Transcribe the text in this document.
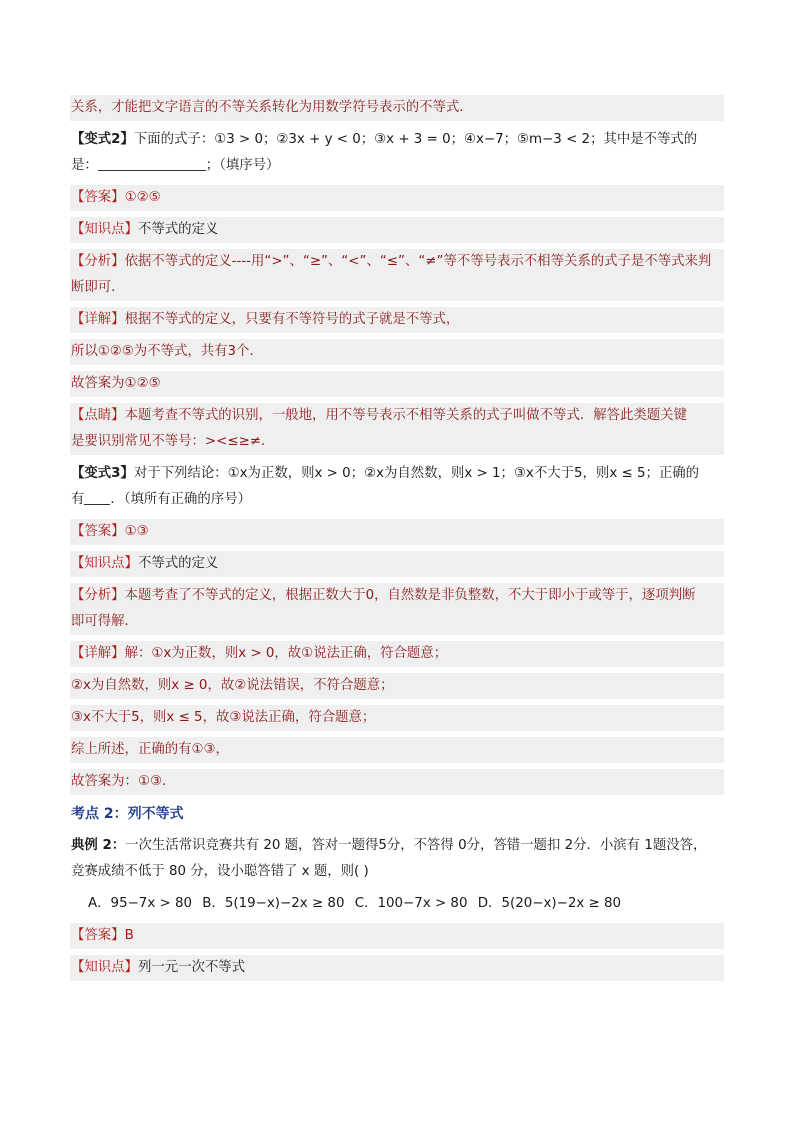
关系，才能把文字语言的不等关系转化为用数学符号表示的不等式．

【变式2】下面的式子：①3 > 0；②3x + y < 0；③x + 3 = 0；④x−7；⑤m−3 < 2；其中是不等式的

是：	；（填序号）

【答案】①②⑤

【知识点】不等式的定义

【分析】依据不等式的定义----用“>”、“≥”、“<”、“≤”、“≠”等不等号表示不相等关系的式子是不等式来判

断即可．

【详解】根据不等式的定义，只要有不等符号的式子就是不等式，

所以①②⑤为不等式，共有3个．

故答案为①②⑤

【点睛】本题考查不等式的识别，一般地，用不等号表示不相等关系的式子叫做不等式．解答此类题关键

是要识别常见不等号：><≤≥≠.

【变式3】对于下列结论：①x为正数，则x > 0；②x为自然数，则x > 1；③x不大于5，则x ≤ 5；正确的

有 ．（填所有正确的序号）

【答案】①③

【知识点】不等式的定义

【分析】本题考查了不等式的定义，根据正数大于0，自然数是非负整数，不大于即小于或等于，逐项判断

即可得解．

【详解】解：①x为正数，则x > 0，故①说法正确，符合题意；

②x为自然数，则x ≥ 0，故②说法错误，不符合题意；

③x不大于5，则x ≤ 5，故③说法正确，符合题意；

综上所述，正确的有①③，

故答案为：①③．

考点 2：列不等式

典例 2：一次生活常识竞赛共有 20 题，答对一题得5分，不答得 0分，答错一题扣 2分．小滨有 1题没答，

竞赛成绩不低于 80 分，设小聪答错了 x 题，则( )

A．95−7x > 80 B．5(19−x)−2x ≥ 80 C．100−7x > 80 D．5(20−x)−2x ≥ 80

【答案】B

【知识点】列一元一次不等式
